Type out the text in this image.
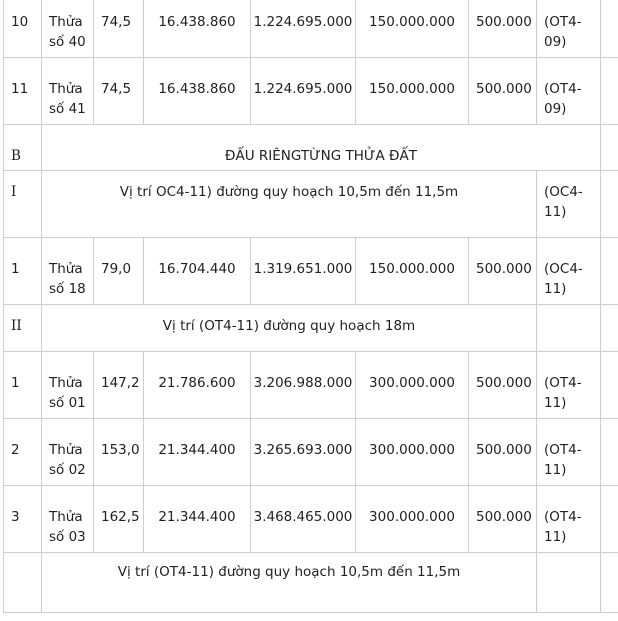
10	Thửa số 40	74,5	16.438.860	1.224.695.000	150.000.000	500.000	(OT4-09)	
11	Thửa số 41	74,5	16.438.860	1.224.695.000	150.000.000	500.000	(OT4-09)	
B	ĐẤU RIÊNGTỪNG THỬA ĐẤT							
I	Vị trí OC4-11) đường quy hoạch 10,5m đến 11,5m						(OC4-11)	
1	Thửa số 18	79,0	16.704.440	1.319.651.000	150.000.000	500.000	(OC4-11)	
II	Vị trí (OT4-11) đường quy hoạch 18m							
1	Thửa số 01	147,2	21.786.600	3.206.988.000	300.000.000	500.000	(OT4-11)	
2	Thửa số 02	153,0	21.344.400	3.265.693.000	300.000.000	500.000	(OT4-11)	
3	Thửa số 03	162,5	21.344.400	3.468.465.000	300.000.000	500.000	(OT4-11)	
	Vị trí (OT4-11) đường quy hoạch 10,5m đến 11,5m							
